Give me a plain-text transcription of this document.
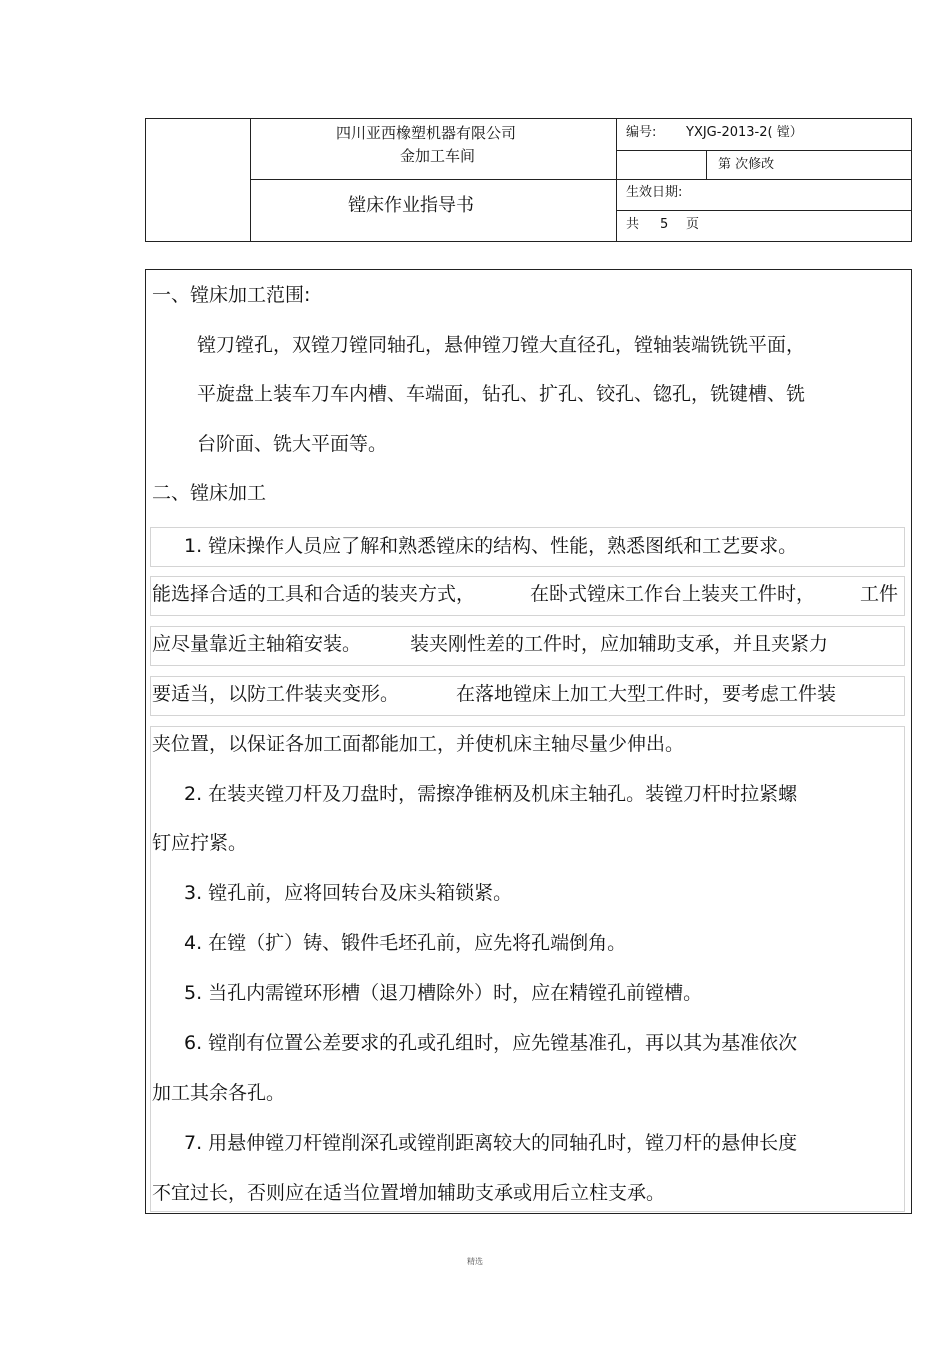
四川亚西橡塑机器有限公司
金加工车间
镗床作业指导书
编号: YXJG-2013-2( 镗）
第 次修改
生效日期:
共 5 页
一、镗床加工范围:
镗刀镗孔，双镗刀镗同轴孔，悬伸镗刀镗大直径孔，镗轴装端铣铣平面，
平旋盘上装车刀车内槽、车端面，钻孔、扩孔、铰孔、锪孔，铣键槽、铣
台阶面、铣大平面等。
二、镗床加工
1. 镗床操作人员应了解和熟悉镗床的结构、性能，熟悉图纸和工艺要求。
能选择合适的工具和合适的装夹方式，	在卧式镗床工作台上装夹工件时， 工件
应尽量靠近主轴箱安装。	装夹刚性差的工件时，应加辅助支承，并且夹紧力
要适当，以防工件装夹变形。	在落地镗床上加工大型工件时，要考虑工件装
夹位置，以保证各加工面都能加工，并使机床主轴尽量少伸出。
2. 在装夹镗刀杆及刀盘时，需擦净锥柄及机床主轴孔。装镗刀杆时拉紧螺
钉应拧紧。
3. 镗孔前，应将回转台及床头箱锁紧。
4. 在镗（扩）铸、锻件毛坯孔前，应先将孔端倒角。
5. 当孔内需镗环形槽（退刀槽除外）时，应在精镗孔前镗槽。
6. 镗削有位置公差要求的孔或孔组时，应先镗基准孔，再以其为基准依次
加工其余各孔。
7. 用悬伸镗刀杆镗削深孔或镗削距离较大的同轴孔时，镗刀杆的悬伸长度
不宜过长，否则应在适当位置增加辅助支承或用后立柱支承。
精选
